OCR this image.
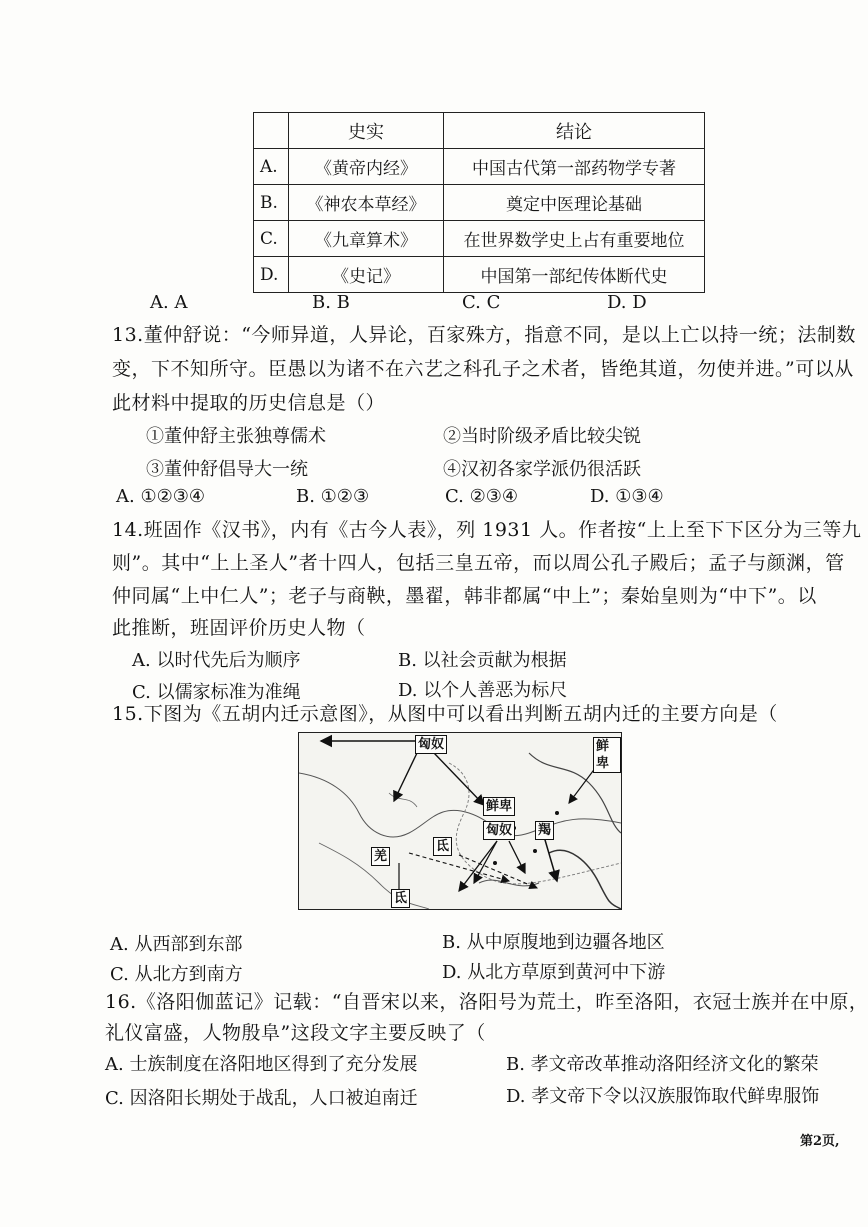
	史实	结论
A.	《黄帝内经》	中国古代第一部药物学专著
B.	《神农本草经》	奠定中医理论基础
C.	《九章算术》	在世界数学史上占有重要地位
D.	《史记》	中国第一部纪传体断代史
A. A	B. B	C. C	D. D
13.董仲舒说：“今师异道，人异论，百家殊方，指意不同，是以上亡以持一统；法制数
变，下不知所守。臣愚以为诸不在六艺之科孔子之术者，皆绝其道，勿使并进。”可以从
此材料中提取的历史信息是（）
①董仲舒主张独尊儒术	②当时阶级矛盾比较尖锐
③董仲舒倡导大一统	④汉初各家学派仍很活跃
A. ①②③④	B. ①②③	C. ②③④	D. ①③④
14.班固作《汉书》，内有《古今人表》，列 1931 人。作者按“上上至下下区分为三等九
则”。其中“上上圣人”者十四人，包括三皇五帝，而以周公孔子殿后；孟子与颜渊，管
仲同属“上中仁人”；老子与商鞅，墨翟，韩非都属“中上”；秦始皇则为“中下”。以
此推断，班固评价历史人物（
A. 以时代先后为顺序	B. 以社会贡献为根据
C. 以儒家标准为准绳	D. 以个人善恶为标尺
15.下图为《五胡内迁示意图》，从图中可以看出判断五胡内迁的主要方向是（
匈奴	鲜卑
鲜卑
匈奴 羯
羌
氐
氐
A. 从西部到东部	B. 从中原腹地到边疆各地区
C. 从北方到南方	D. 从北方草原到黄河中下游
16.《洛阳伽蓝记》记载：“自晋宋以来，洛阳号为荒土，昨至洛阳，衣冠士族并在中原，
礼仪富盛，人物殷阜”这段文字主要反映了（
A. 士族制度在洛阳地区得到了充分发展	B. 孝文帝改革推动洛阳经济文化的繁荣
C. 因洛阳长期处于战乱，人口被迫南迁	D. 孝文帝下令以汉族服饰取代鲜卑服饰
第2页,
